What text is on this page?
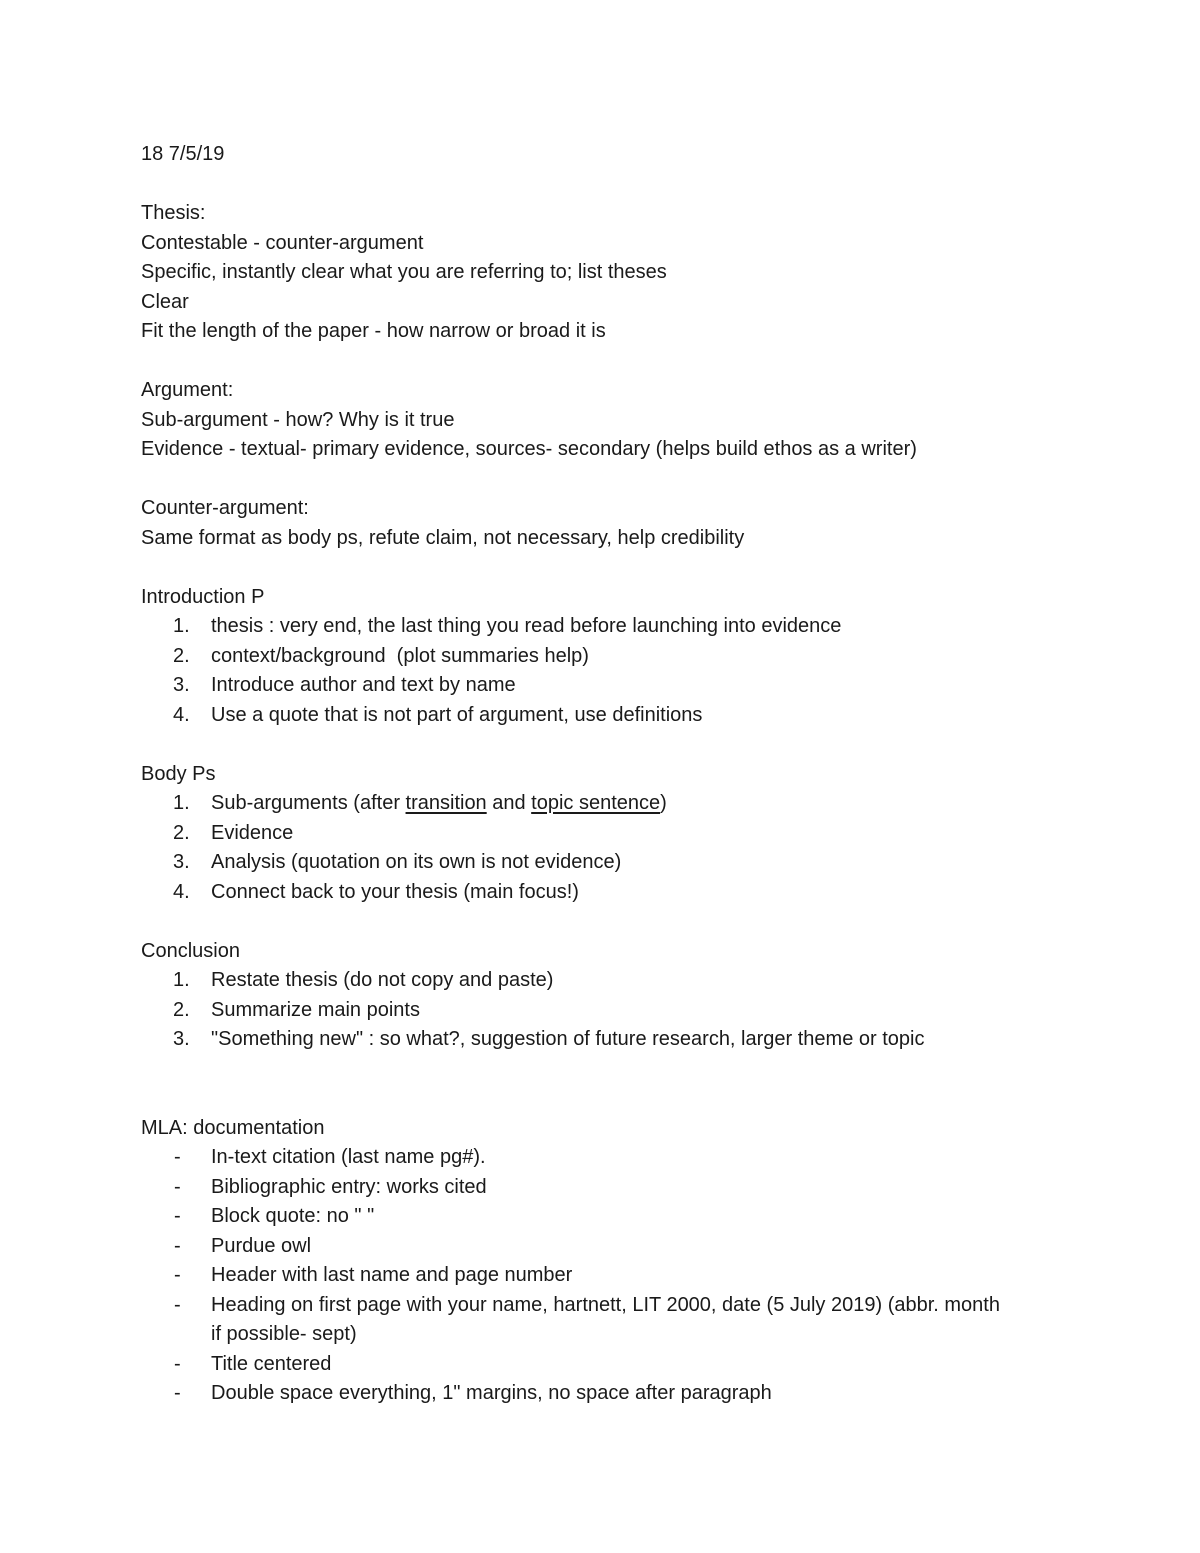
18 7/5/19
Thesis:
Contestable - counter-argument
Specific, instantly clear what you are referring to; list theses
Clear
Fit the length of the paper - how narrow or broad it is
Argument:
Sub-argument - how? Why is it true
Evidence - textual- primary evidence, sources- secondary (helps build ethos as a writer)
Counter-argument:
Same format as body ps, refute claim, not necessary, help credibility
Introduction P
1.	thesis : very end, the last thing you read before launching into evidence
2.	context/background  (plot summaries help)
3.	Introduce author and text by name
4.	Use a quote that is not part of argument, use definitions
Body Ps
1.	Sub-arguments (after transition and topic sentence)
2.	Evidence
3.	Analysis (quotation on its own is not evidence)
4.	Connect back to your thesis (main focus!)
Conclusion
1.	Restate thesis (do not copy and paste)
2.	Summarize main points
3.	"Something new" : so what?, suggestion of future research, larger theme or topic
MLA: documentation
-	In-text citation (last name pg#).
-	Bibliographic entry: works cited
-	Block quote: no " "
-	Purdue owl
-	Header with last name and page number
-	Heading on first page with your name, hartnett, LIT 2000, date (5 July 2019) (abbr. month if possible- sept)
-	Title centered
-	Double space everything, 1" margins, no space after paragraph
